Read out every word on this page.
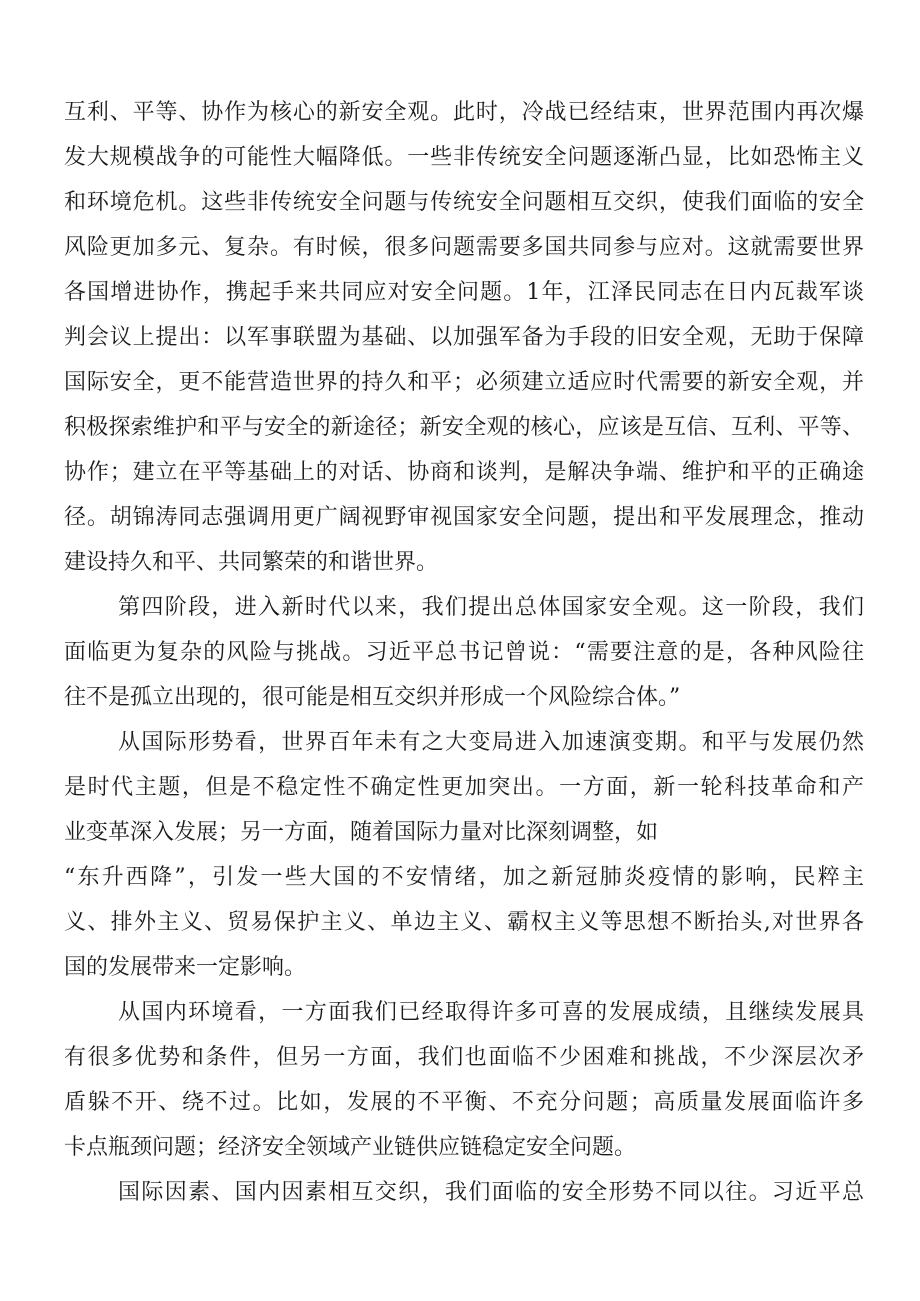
互利、平等、协作为核心的新安全观。此时，冷战已经结束，世界范围内再次爆
发大规模战争的可能性大幅降低。一些非传统安全问题逐渐凸显，比如恐怖主义
和环境危机。这些非传统安全问题与传统安全问题相互交织，使我们面临的安全
风险更加多元、复杂。有时候，很多问题需要多国共同参与应对。这就需要世界
各国增进协作，携起手来共同应对安全问题。1年，江泽民同志在日内瓦裁军谈
判会议上提出：以军事联盟为基础、以加强军备为手段的旧安全观，无助于保障
国际安全，更不能营造世界的持久和平；必须建立适应时代需要的新安全观，并
积极探索维护和平与安全的新途径；新安全观的核心，应该是互信、互利、平等、
协作；建立在平等基础上的对话、协商和谈判，是解决争端、维护和平的正确途
径。胡锦涛同志强调用更广阔视野审视国家安全问题，提出和平发展理念，推动
建设持久和平、共同繁荣的和谐世界。
第四阶段，进入新时代以来，我们提出总体国家安全观。这一阶段，我们
面临更为复杂的风险与挑战。习近平总书记曾说：“需要注意的是，各种风险往
往不是孤立出现的，很可能是相互交织并形成一个风险综合体。”
从国际形势看，世界百年未有之大变局进入加速演变期。和平与发展仍然
是时代主题，但是不稳定性不确定性更加突出。一方面，新一轮科技革命和产
业变革深入发展；另一方面，随着国际力量对比深刻调整，如
“东升西降”，引发一些大国的不安情绪，加之新冠肺炎疫情的影响，民粹主
义、排外主义、贸易保护主义、单边主义、霸权主义等思想不断抬头,对世界各
国的发展带来一定影响。
从国内环境看，一方面我们已经取得许多可喜的发展成绩，且继续发展具
有很多优势和条件，但另一方面，我们也面临不少困难和挑战，不少深层次矛
盾躲不开、绕不过。比如，发展的不平衡、不充分问题；高质量发展面临许多
卡点瓶颈问题；经济安全领域产业链供应链稳定安全问题。
国际因素、国内因素相互交织，我们面临的安全形势不同以往。习近平总
